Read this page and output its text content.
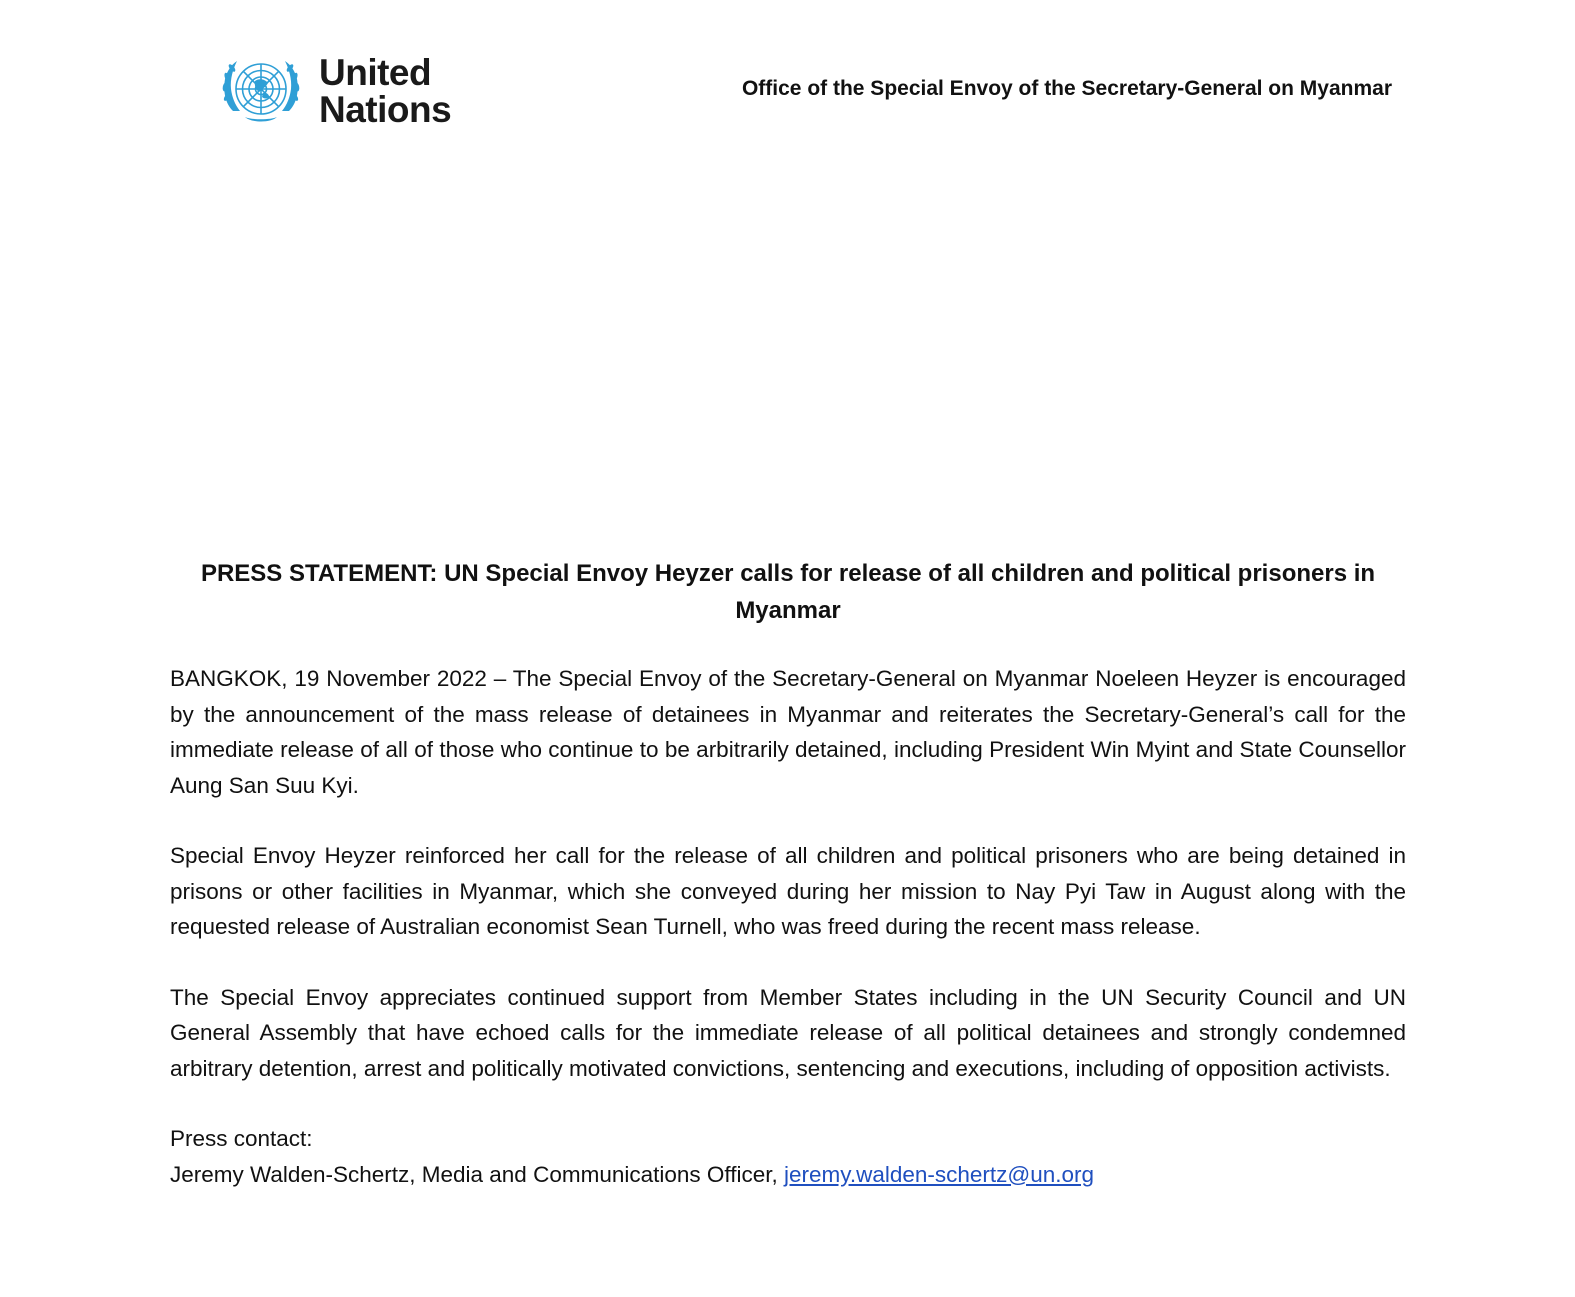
United
Nations
Office of the Special Envoy of the Secretary-General on Myanmar
PRESS STATEMENT: UN Special Envoy Heyzer calls for release of all children and political prisoners in Myanmar

BANGKOK, 19 November 2022 – The Special Envoy of the Secretary-General on Myanmar Noeleen Heyzer is encouraged by the announcement of the mass release of detainees in Myanmar and reiterates the Secretary-General’s call for the immediate release of all of those who continue to be arbitrarily detained, including President Win Myint and State Counsellor Aung San Suu Kyi.

Special Envoy Heyzer reinforced her call for the release of all children and political prisoners who are being detained in prisons or other facilities in Myanmar, which she conveyed during her mission to Nay Pyi Taw in August along with the requested release of Australian economist Sean Turnell, who was freed during the recent mass release.

The Special Envoy appreciates continued support from Member States including in the UN Security Council and UN General Assembly that have echoed calls for the immediate release of all political detainees and strongly condemned arbitrary detention, arrest and politically motivated convictions, sentencing and executions, including of opposition activists.

Press contact:
Jeremy Walden-Schertz, Media and Communications Officer, jeremy.walden-schertz@un.org
